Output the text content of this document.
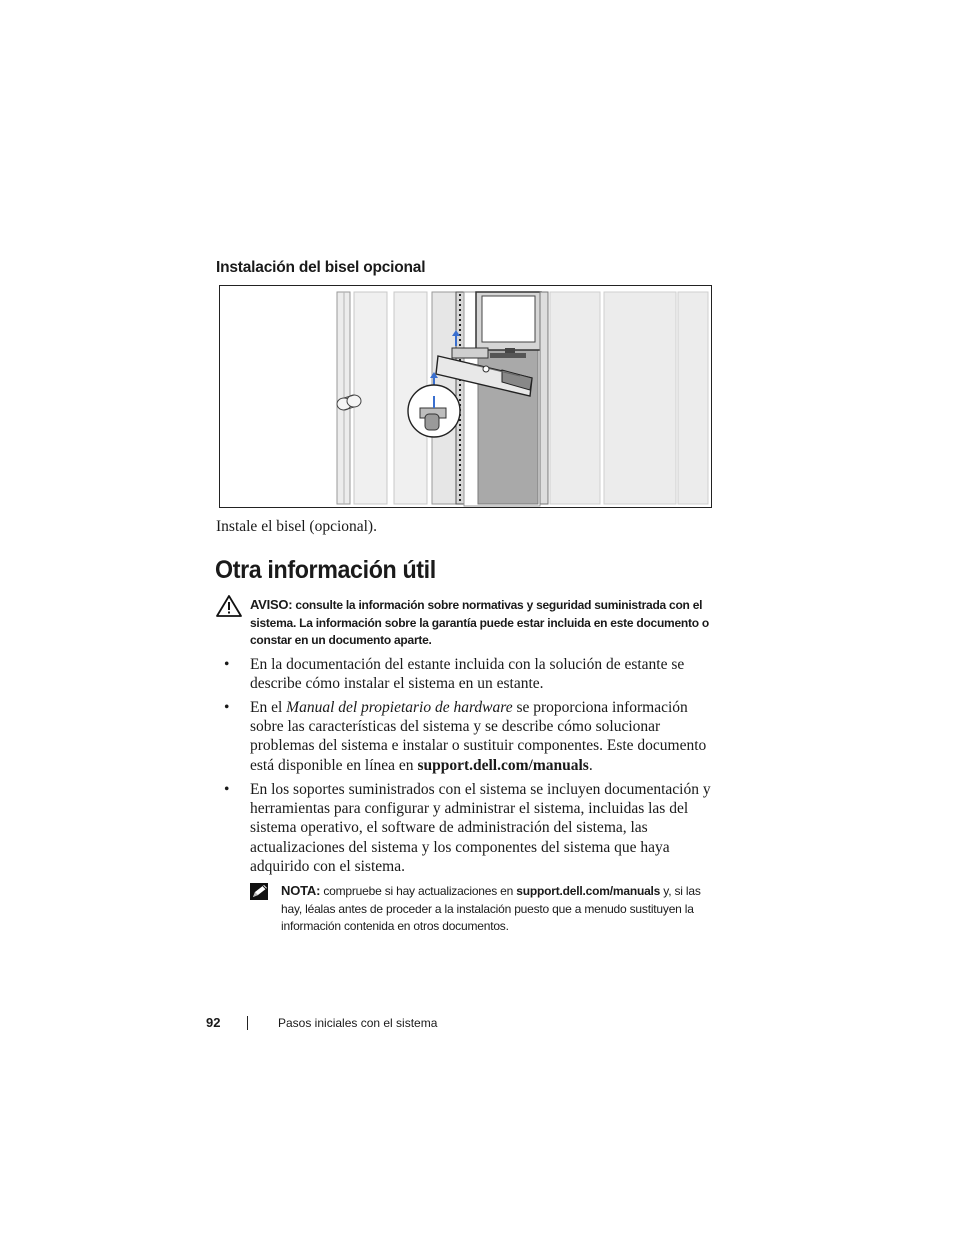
Instalación del bisel opcional
Instale el bisel (opcional).
Otra información útil
AVISO: consulte la información sobre normativas y seguridad suministrada con el sistema. La información sobre la garantía puede estar incluida en este documento o constar en un documento aparte.
• En la documentación del estante incluida con la solución de estante se describe cómo instalar el sistema en un estante.
• En el Manual del propietario de hardware se proporciona información sobre las características del sistema y se describe cómo solucionar problemas del sistema e instalar o sustituir componentes. Este documento está disponible en línea en support.dell.com/manuals.
• En los soportes suministrados con el sistema se incluyen documentación y herramientas para configurar y administrar el sistema, incluidas las del sistema operativo, el software de administración del sistema, las actualizaciones del sistema y los componentes del sistema que haya adquirido con el sistema.
NOTA: compruebe si hay actualizaciones en support.dell.com/manuals y, si las hay, léalas antes de proceder a la instalación puesto que a menudo sustituyen la información contenida en otros documentos.
92	Pasos iniciales con el sistema
